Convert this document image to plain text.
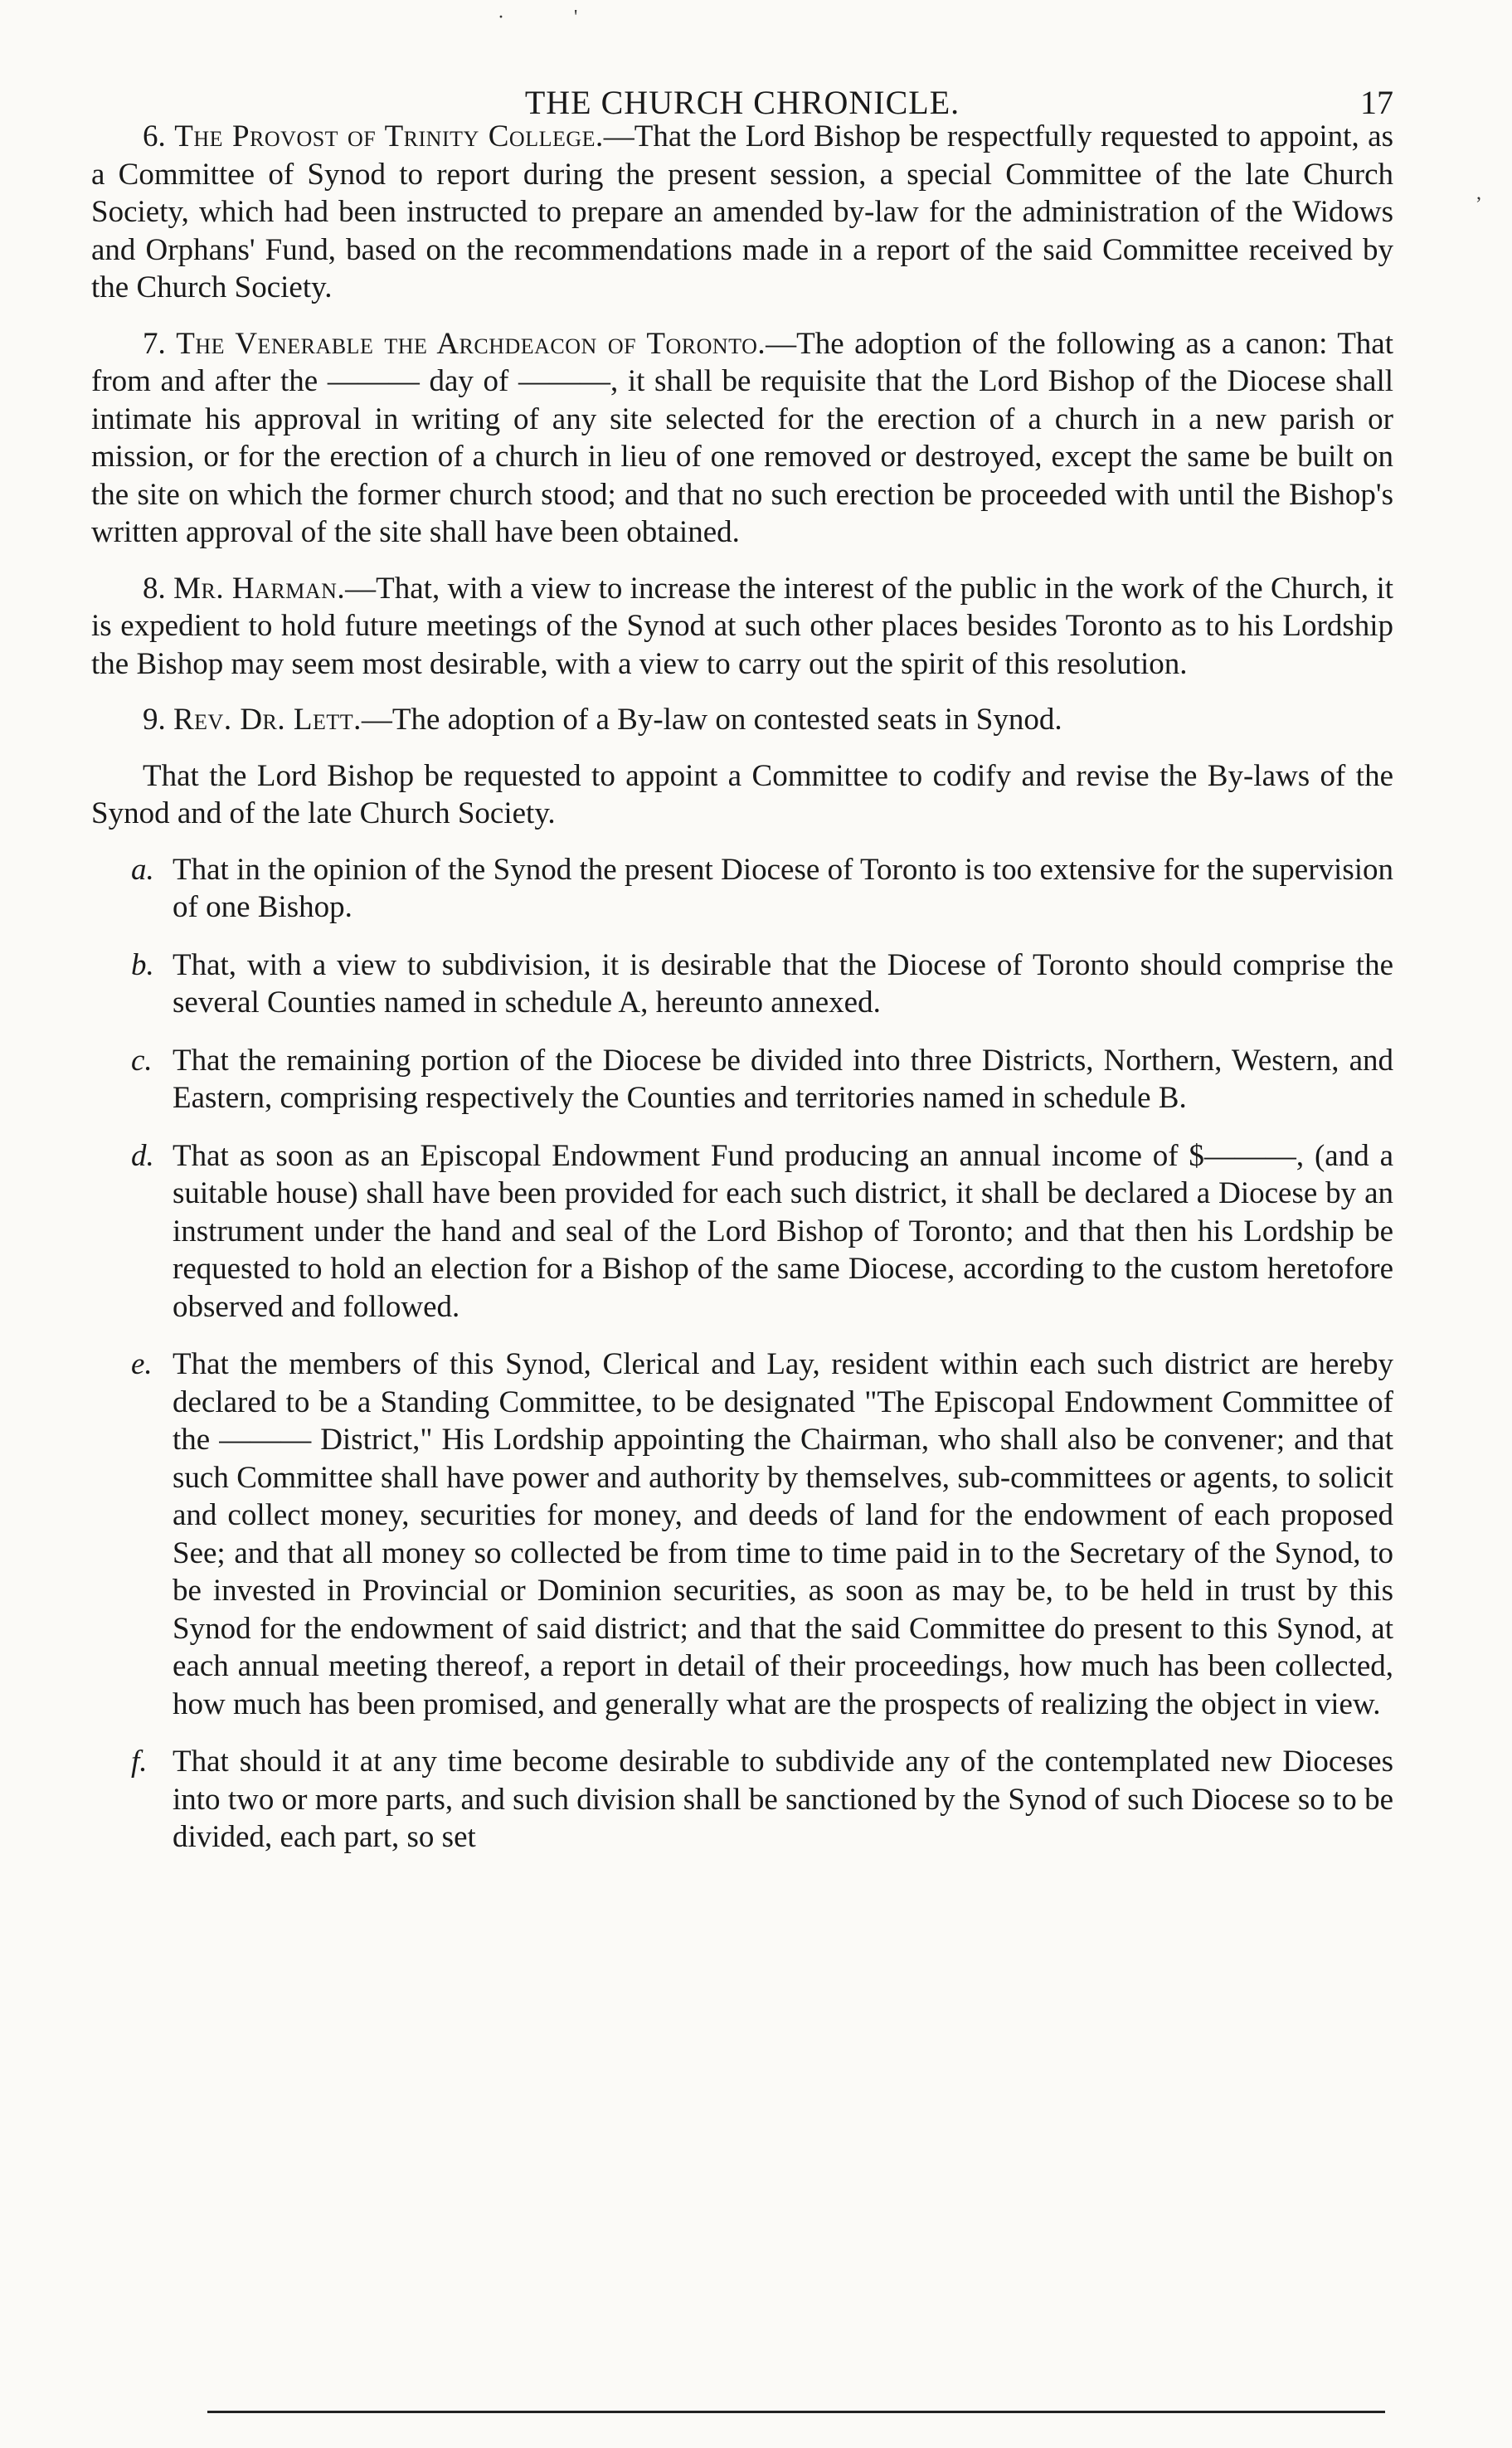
·              '
,
THE CHURCH CHRONICLE.	17

6. The Provost of Trinity College.—That the Lord Bishop be respectfully requested to appoint, as a Committee of Synod to report during the present session, a special Committee of the late Church Society, which had been instructed to prepare an amended by-law for the administration of the Widows and Orphans' Fund, based on the recommendations made in a report of the said Committee received by the Church Society.

7. The Venerable the Archdeacon of Toronto.—The adoption of the following as a canon: That from and after the ——— day of ———, it shall be requisite that the Lord Bishop of the Diocese shall intimate his approval in writing of any site selected for the erection of a church in a new parish or mission, or for the erection of a church in lieu of one removed or destroyed, except the same be built on the site on which the former church stood; and that no such erection be proceeded with until the Bishop's written approval of the site shall have been obtained.

8. Mr. Harman.—That, with a view to increase the interest of the public in the work of the Church, it is expedient to hold future meetings of the Synod at such other places besides Toronto as to his Lordship the Bishop may seem most desirable, with a view to carry out the spirit of this resolution.

9. Rev. Dr. Lett.—The adoption of a By-law on contested seats in Synod.

That the Lord Bishop be requested to appoint a Committee to codify and revise the By-laws of the Synod and of the late Church Society.

a. That in the opinion of the Synod the present Diocese of Toronto is too extensive for the supervision of one Bishop.

b. That, with a view to subdivision, it is desirable that the Diocese of Toronto should comprise the several Counties named in schedule A, hereunto annexed.

c. That the remaining portion of the Diocese be divided into three Districts, Northern, Western, and Eastern, comprising respectively the Counties and territories named in schedule B.

d. That as soon as an Episcopal Endowment Fund producing an annual income of $———, (and a suitable house) shall have been provided for each such district, it shall be declared a Diocese by an instrument under the hand and seal of the Lord Bishop of Toronto; and that then his Lordship be requested to hold an election for a Bishop of the same Diocese, according to the custom heretofore observed and followed.

e. That the members of this Synod, Clerical and Lay, resident within each such district are hereby declared to be a Standing Committee, to be designated "The Episcopal Endowment Committee of the ——— District," His Lordship appointing the Chairman, who shall also be convener; and that such Committee shall have power and authority by themselves, sub-committees or agents, to solicit and collect money, securities for money, and deeds of land for the endowment of each proposed See; and that all money so collected be from time to time paid in to the Secretary of the Synod, to be invested in Provincial or Dominion securities, as soon as may be, to be held in trust by this Synod for the endowment of said district; and that the said Committee do present to this Synod, at each annual meeting thereof, a report in detail of their proceedings, how much has been collected, how much has been promised, and generally what are the prospects of realizing the object in view.

f. That should it at any time become desirable to subdivide any of the contemplated new Dioceses into two or more parts, and such division shall be sanctioned by the Synod of such Diocese so to be divided, each part, so set
